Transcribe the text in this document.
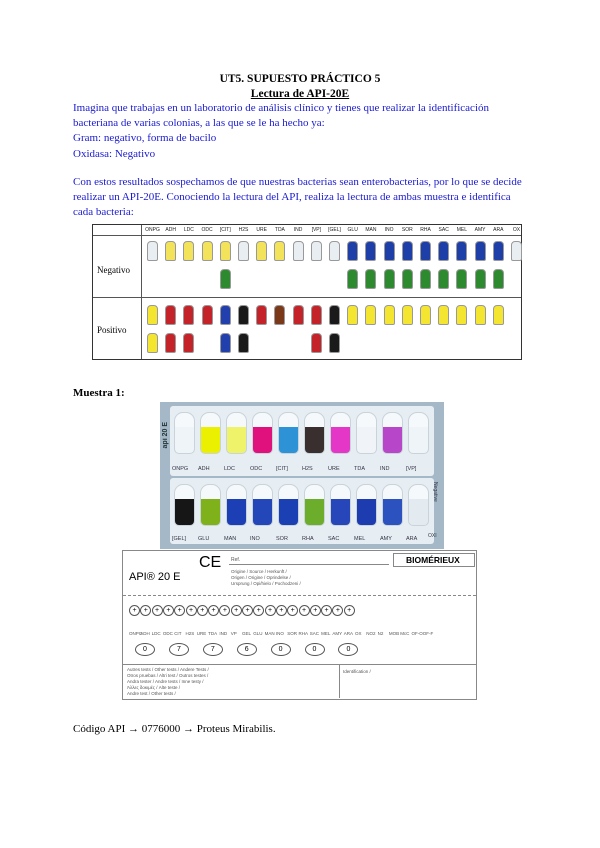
UT5. SUPUESTO PRÁCTICO 5
Lectura de API-20E
Imagina que trabajas en un laboratorio de análisis clínico y tienes que realizar la identificación
bacteriana de varias colonias, a las que se le ha hecho ya:
Gram: negativo, forma de bacilo
Oxidasa: Negativo
Con estos resultados sospechamos de que nuestras bacterias sean enterobacterias, por lo que se decide
realizar un API-20E. Conociendo la lectura del API, realiza la lectura de ambas muestra e identifica
cada bacteria:
ONPG	ADH	LDC	ODC	[CIT]	H2S	URE	TDA	IND	[VP]	[GEL]	GLU	MAN	INO	SOR	RHA	SAC	MEL	AMY	ARA	OX
Negativo
Positivo
Muestra 1:
api 20 E
ONPG ADH	LDC	ODC	[CIT]	H2S	URE	TDA	IND	[VP]
[GEL] GLU	MAN	INO	SOR	RHA	SAC	MEL	AMY	ARA
Negative
OXI
CE
API® 20 E
Ref.
Origine / Source / Herkunft /
Origen / Origine / Oprindelse /
Ursprung / Opi/hielo / Pochodzeni /
BIOMÉRIEUX
+
ONPG
+
ADH
+
LDC
+
ODC
+
CIT
+
H2S
+
URE
+
TDA
+
IND
+
VP
+
GEL
+
GLU
+
MAN
+
INO
+
SOR
+
RHA
+
SAC
+
MEL
+
AMY
+
ARA OX NO2 N2 MOB McC OF-O OF-F
0	7	7	6	0	0	0
Autres tests / Other tests / Andere Tests /
Otros pruebas / Altri test / Outros testes /
Andra tester / Andre tests / Inne testy /
Άλλες δοκιμές / Alte teste /
Andre test / Other tests /
Identification /
Código API → 0776000 → Proteus Mirabilis.
